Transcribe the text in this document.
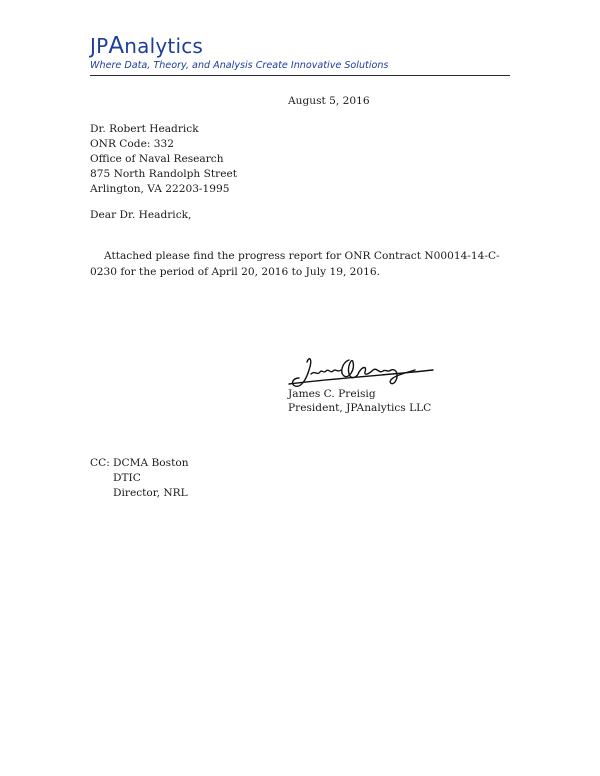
JPAnalytics
Where Data, Theory, and Analysis Create Innovative Solutions
August 5, 2016
Dr. Robert Headrick
ONR Code: 332
Office of Naval Research
875 North Randolph Street
Arlington, VA 22203-1995
Dear Dr. Headrick,
Attached please find the progress report for ONR Contract N00014-14-C-0230 for the period of April 20, 2016 to July 19, 2016.
James C. Preisig
President, JPAnalytics LLC
CC: DCMA Boston
DTIC
Director, NRL
